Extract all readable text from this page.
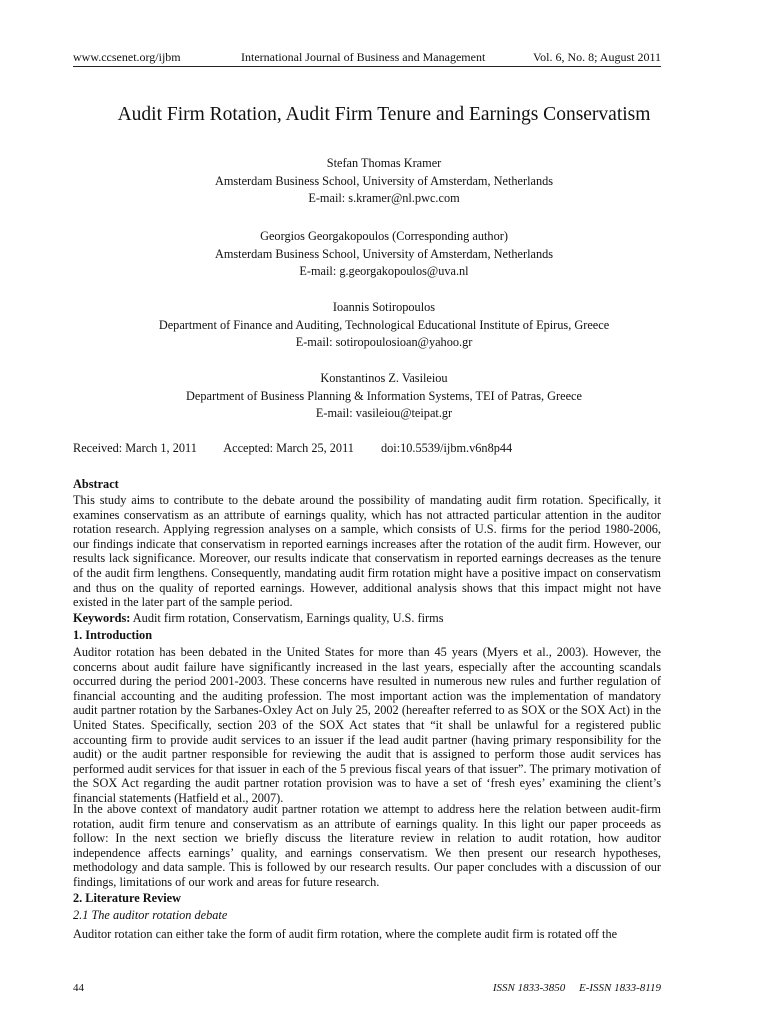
www.ccsenet.org/ijbm	International Journal of Business and Management	Vol. 6, No. 8; August 2011
Audit Firm Rotation, Audit Firm Tenure and Earnings Conservatism
Stefan Thomas Kramer
Amsterdam Business School, University of Amsterdam, Netherlands
E-mail: s.kramer@nl.pwc.com
Georgios Georgakopoulos (Corresponding author)
Amsterdam Business School, University of Amsterdam, Netherlands
E-mail: g.georgakopoulos@uva.nl
Ioannis Sotiropoulos
Department of Finance and Auditing, Technological Educational Institute of Epirus, Greece
E-mail: sotiropoulosioan@yahoo.gr
Konstantinos Z. Vasileiou
Department of Business Planning & Information Systems, TEI of Patras, Greece
E-mail: vasileiou@teipat.gr
Received: March 1, 2011 Accepted: March 25, 2011 doi:10.5539/ijbm.v6n8p44
Abstract

This study aims to contribute to the debate around the possibility of mandating audit firm rotation. Specifically, it examines conservatism as an attribute of earnings quality, which has not attracted particular attention in the auditor rotation research. Applying regression analyses on a sample, which consists of U.S. firms for the period 1980-2006, our findings indicate that conservatism in reported earnings increases after the rotation of the audit firm. However, our results lack significance. Moreover, our results indicate that conservatism in reported earnings decreases as the tenure of the audit firm lengthens. Consequently, mandating audit firm rotation might have a positive impact on conservatism and thus on the quality of reported earnings. However, additional analysis shows that this impact might not have existed in the later part of the sample period.

Keywords: Audit firm rotation, Conservatism, Earnings quality, U.S. firms

1. Introduction

Auditor rotation has been debated in the United States for more than 45 years (Myers et al., 2003). However, the concerns about audit failure have significantly increased in the last years, especially after the accounting scandals occurred during the period 2001-2003. These concerns have resulted in numerous new rules and further regulation of financial accounting and the auditing profession. The most important action was the implementation of mandatory audit partner rotation by the Sarbanes-Oxley Act on July 25, 2002 (hereafter referred to as SOX or the SOX Act) in the United States. Specifically, section 203 of the SOX Act states that “it shall be unlawful for a registered public accounting firm to provide audit services to an issuer if the lead audit partner (having primary responsibility for the audit) or the audit partner responsible for reviewing the audit that is assigned to perform those audit services has performed audit services for that issuer in each of the 5 previous fiscal years of that issuer”. The primary motivation of the SOX Act regarding the audit partner rotation provision was to have a set of ‘fresh eyes’ examining the client’s financial statements (Hatfield et al., 2007).

In the above context of mandatory audit partner rotation we attempt to address here the relation between audit-firm rotation, audit firm tenure and conservatism as an attribute of earnings quality. In this light our paper proceeds as follow: In the next section we briefly discuss the literature review in relation to audit rotation, how auditor independence affects earnings’ quality, and earnings conservatism. We then present our research hypotheses, methodology and data sample. This is followed by our research results. Our paper concludes with a discussion of our findings, limitations of our work and areas for future research.

2. Literature Review
2.1 The auditor rotation debate

Auditor rotation can either take the form of audit firm rotation, where the complete audit firm is rotated off the

44	ISSN 1833-3850     E-ISSN 1833-8119
